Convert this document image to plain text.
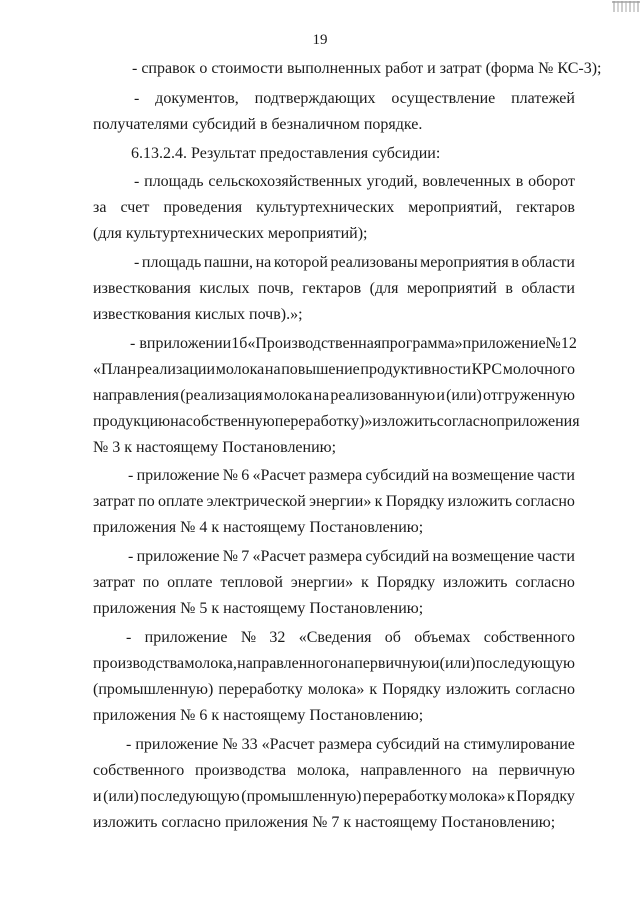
19
- справок о стоимости выполненных работ и затрат (форма № КС-3);
- документов, подтверждающих осуществление платежей
получателями субсидий в безналичном порядке.
6.13.2.4. Результат предоставления субсидии:
- площадь сельскохозяйственных угодий, вовлеченных в оборот
за счет проведения культуртехнических мероприятий, гектаров
(для культуртехнических мероприятий);
- площадь пашни, на которой реализованы мероприятия в области
известкования кислых почв, гектаров (для мероприятий в области
известкования кислых почв).»;
- в приложении 1б «Производственная программа» приложение № 12
«План реализации молока на повышение продуктивности КРС молочного
направления (реализация молока на реализованную и (или) отгруженную
продукцию на собственную переработку)» изложить согласно приложения
№ 3 к настоящему Постановлению;
- приложение № 6 «Расчет размера субсидий на возмещение части
затрат по оплате электрической энергии» к Порядку изложить согласно
приложения № 4 к настоящему Постановлению;
- приложение № 7 «Расчет размера субсидий на возмещение части
затрат по оплате тепловой энергии» к Порядку изложить согласно
приложения № 5 к настоящему Постановлению;
- приложение № 32 «Сведения об объемах собственного
производства молока, направленного на первичную и (или) последующую
(промышленную) переработку молока» к Порядку изложить согласно
приложения № 6 к настоящему Постановлению;
- приложение № 33 «Расчет размера субсидий на стимулирование
собственного производства молока, направленного на первичную
и (или) последующую (промышленную) переработку молока» к Порядку
изложить согласно приложения № 7 к настоящему Постановлению;
